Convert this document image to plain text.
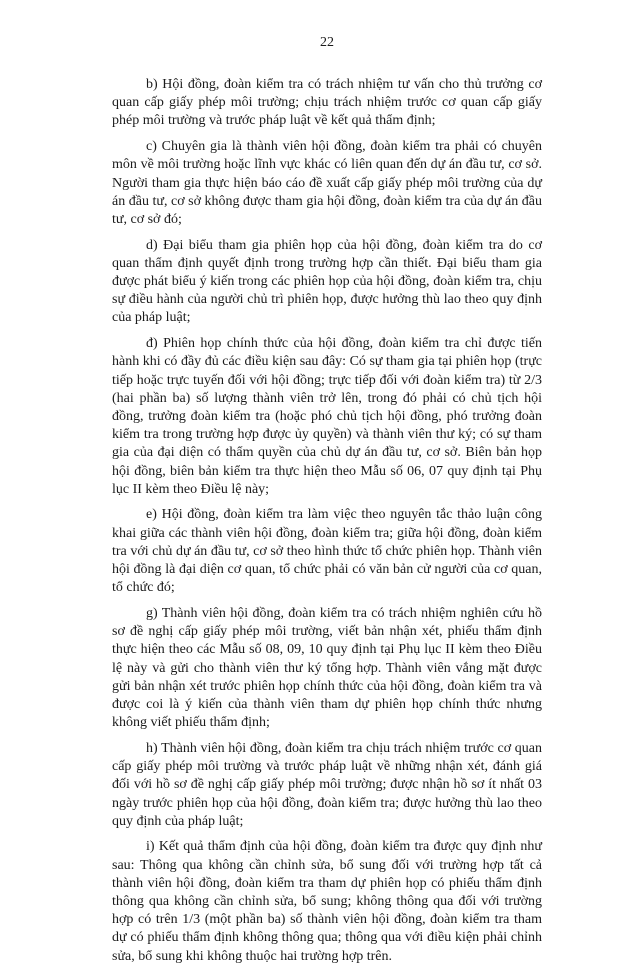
22

b) Hội đồng, đoàn kiểm tra có trách nhiệm tư vấn cho thủ trưởng cơ quan cấp giấy phép môi trường; chịu trách nhiệm trước cơ quan cấp giấy phép môi trường và trước pháp luật về kết quả thẩm định;

c) Chuyên gia là thành viên hội đồng, đoàn kiểm tra phải có chuyên môn về môi trường hoặc lĩnh vực khác có liên quan đến dự án đầu tư, cơ sở. Người tham gia thực hiện báo cáo đề xuất cấp giấy phép môi trường của dự án đầu tư, cơ sở không được tham gia hội đồng, đoàn kiểm tra của dự án đầu tư, cơ sở đó;

d) Đại biểu tham gia phiên họp của hội đồng, đoàn kiểm tra do cơ quan thẩm định quyết định trong trường hợp cần thiết. Đại biểu tham gia được phát biểu ý kiến trong các phiên họp của hội đồng, đoàn kiểm tra, chịu sự điều hành của người chủ trì phiên họp, được hưởng thù lao theo quy định của pháp luật;

đ) Phiên họp chính thức của hội đồng, đoàn kiểm tra chỉ được tiến hành khi có đầy đủ các điều kiện sau đây: Có sự tham gia tại phiên họp (trực tiếp hoặc trực tuyến đối với hội đồng; trực tiếp đối với đoàn kiểm tra) từ 2/3 (hai phần ba) số lượng thành viên trở lên, trong đó phải có chủ tịch hội đồng, trưởng đoàn kiểm tra (hoặc phó chủ tịch hội đồng, phó trưởng đoàn kiểm tra trong trường hợp được ủy quyền) và thành viên thư ký; có sự tham gia của đại diện có thẩm quyền của chủ dự án đầu tư, cơ sở. Biên bản họp hội đồng, biên bản kiểm tra thực hiện theo Mẫu số 06, 07 quy định tại Phụ lục II kèm theo Điều lệ này;

e) Hội đồng, đoàn kiểm tra làm việc theo nguyên tắc thảo luận công khai giữa các thành viên hội đồng, đoàn kiểm tra; giữa hội đồng, đoàn kiểm tra với chủ dự án đầu tư, cơ sở theo hình thức tổ chức phiên họp. Thành viên hội đồng là đại diện cơ quan, tổ chức phải có văn bản cử người của cơ quan, tổ chức đó;

g) Thành viên hội đồng, đoàn kiểm tra có trách nhiệm nghiên cứu hồ sơ đề nghị cấp giấy phép môi trường, viết bản nhận xét, phiếu thẩm định thực hiện theo các Mẫu số 08, 09, 10 quy định tại Phụ lục II kèm theo Điều lệ này và gửi cho thành viên thư ký tổng hợp. Thành viên vắng mặt được gửi bản nhận xét trước phiên họp chính thức của hội đồng, đoàn kiểm tra và được coi là ý kiến của thành viên tham dự phiên họp chính thức nhưng không viết phiếu thẩm định;

h) Thành viên hội đồng, đoàn kiểm tra chịu trách nhiệm trước cơ quan cấp giấy phép môi trường và trước pháp luật về những nhận xét, đánh giá đối với hồ sơ đề nghị cấp giấy phép môi trường; được nhận hồ sơ ít nhất 03 ngày trước phiên họp của hội đồng, đoàn kiểm tra; được hưởng thù lao theo quy định của pháp luật;

i) Kết quả thẩm định của hội đồng, đoàn kiểm tra được quy định như sau: Thông qua không cần chỉnh sửa, bổ sung đối với trường hợp tất cả thành viên hội đồng, đoàn kiểm tra tham dự phiên họp có phiếu thẩm định thông qua không cần chỉnh sửa, bổ sung; không thông qua đối với trường hợp có trên 1/3 (một phần ba) số thành viên hội đồng, đoàn kiểm tra tham dự có phiếu thẩm định không thông qua; thông qua với điều kiện phải chỉnh sửa, bổ sung khi không thuộc hai trường hợp trên.
